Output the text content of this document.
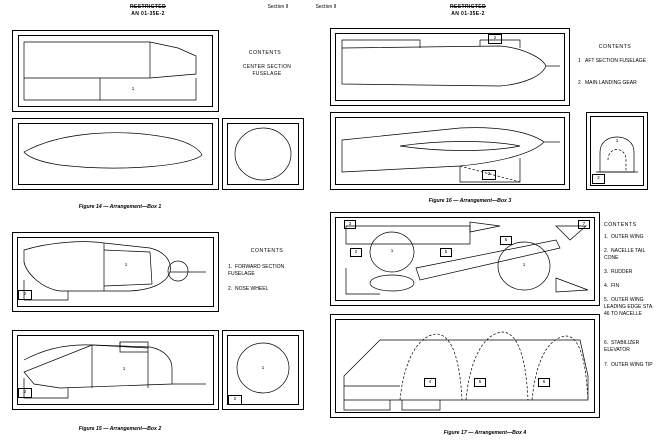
RESTRICTED
AN 01-35E-2
Section II	Section II	RESTRICTED
AN 01-35E-2
1
Figure 14 — Arrangement—Box 1
CONTENTS
CENTER SECTION
FUSELAGE
1
2
1
2
Figure 15 — Arrangement—Box 2
1
2
CONTENTS
1. FORWARD SECTION FUSELAGE
2. NOSE WHEEL
2
2
Figure 16 — Arrangement—Box 3
1
2
CONTENTS
1 AFT SECTION FUSELAGE
2 MAIN LANDING GEAR
3	7
2	5
5
1
1
4	5	6
Figure 17 — Arrangement—Box 4
CONTENTS
1. OUTER WING
2. NACELLE TAIL CONE
3. RUDDER
4. FIN
5. OUTER WING LEADING EDGE STA. 46 TO NACELLE
6. STABILIZER ELEVATOR
7. OUTER WING TIP
